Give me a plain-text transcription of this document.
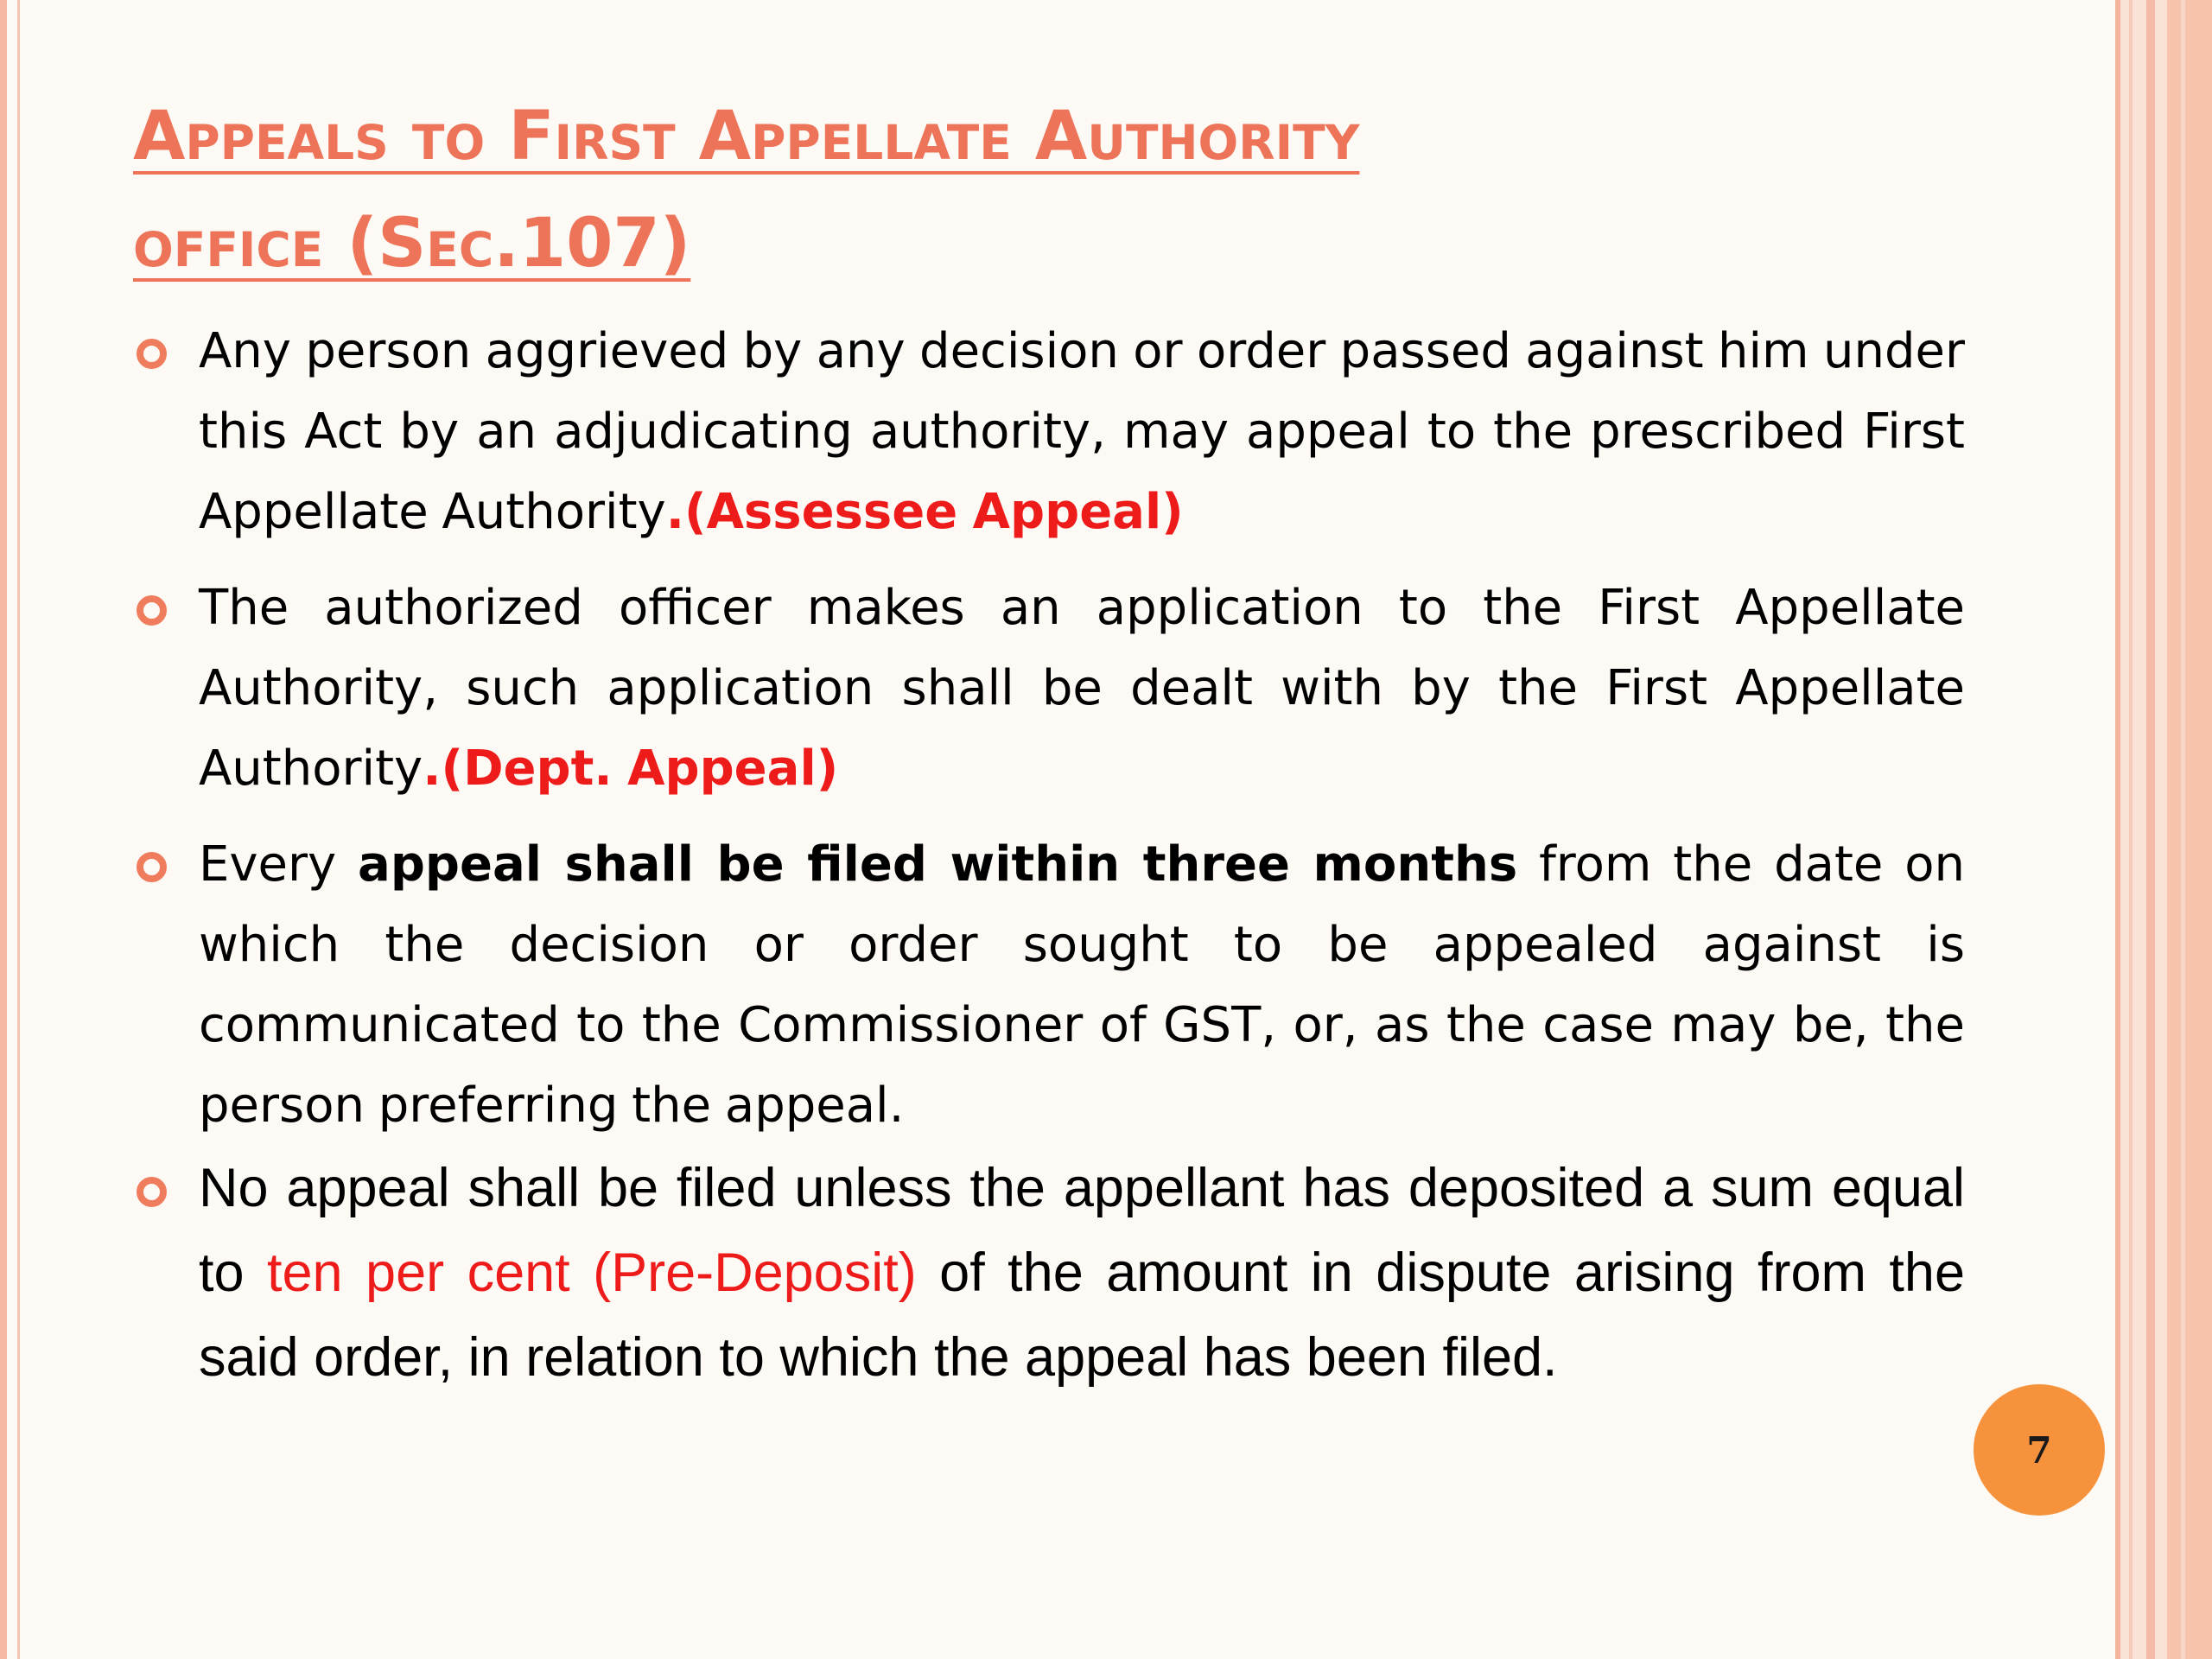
Appeals to First Appellate Authority
office (Sec.107)
Any person aggrieved by any decision or order passed against him under this Act by an adjudicating authority, may appeal to the prescribed First Appellate Authority.(Assessee Appeal)
The authorized officer makes an application to the First Appellate Authority, such application shall be dealt with by the First Appellate Authority.(Dept. Appeal)
Every appeal shall be filed within three months from the date on which the decision or order sought to be appealed against is communicated to the Commissioner of GST, or, as the case may be, the person preferring the appeal.
No appeal shall be filed unless the appellant has deposited a sum equal to ten per cent (Pre-Deposit) of the amount in dispute arising from the said order, in relation to which the appeal has been filed.
7
